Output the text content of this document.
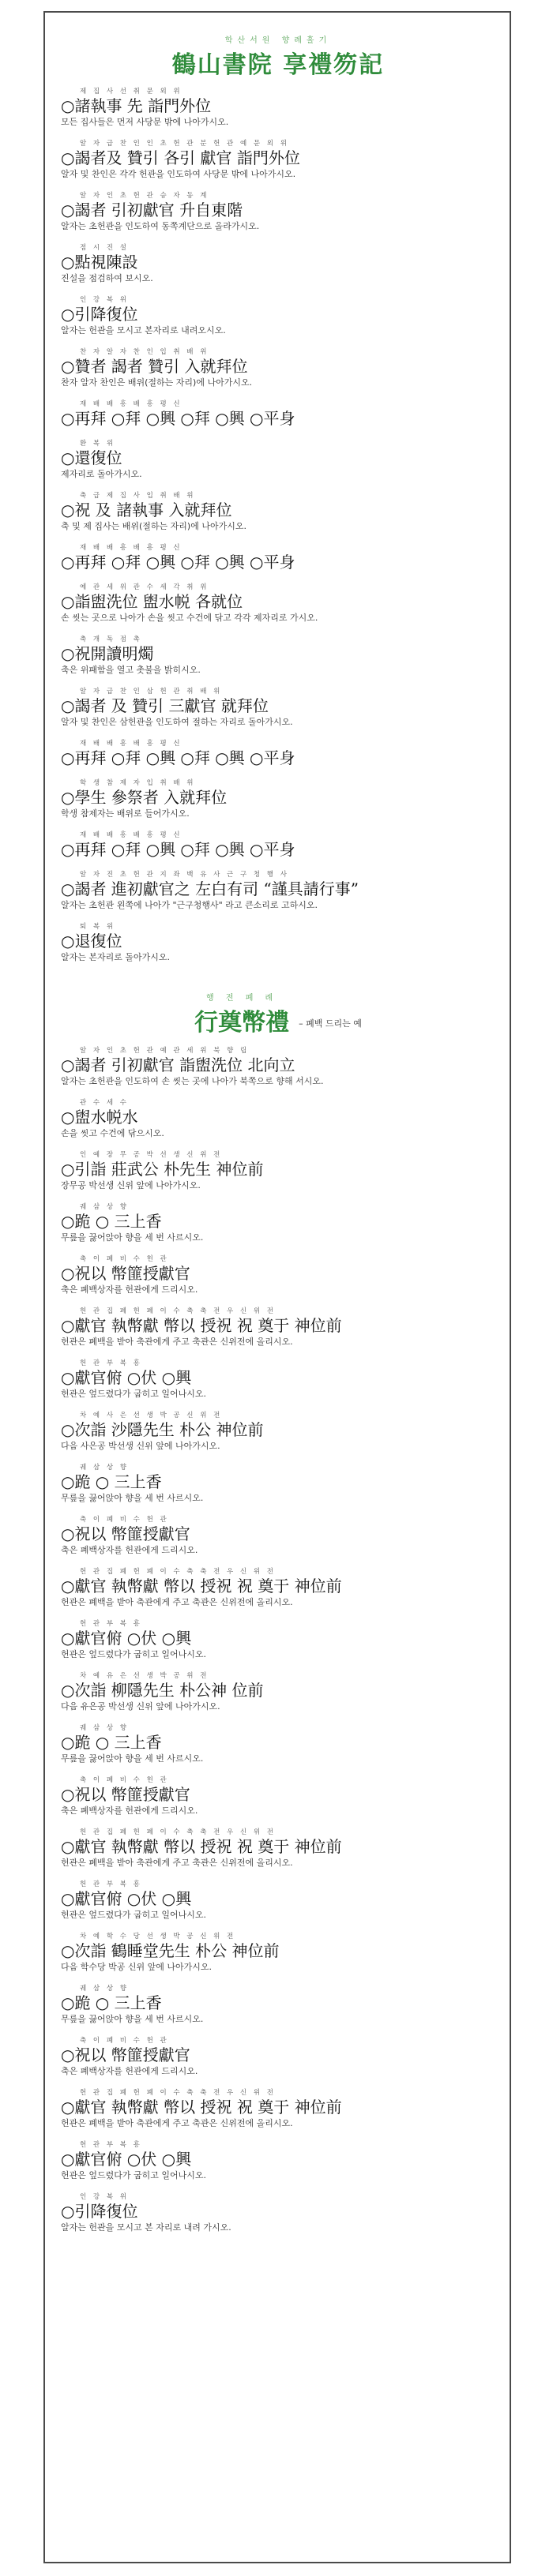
학산서원 향례홀기
鶴山書院 享禮笏記
제 집 사 선 취 문 외 위
○諸執事 先 詣門外位
모든 집사들은 먼저 사당문 밖에 나아가시오.
알 자 급 찬 인 인 초 헌 관 분 헌 관 예 문 외 위
○謁者及 贊引 各引 獻官 詣門外位
알자 및 찬인은 각각 헌관을 인도하여 사당문 밖에 나아가시오.
알 자 인 초 헌 관 승 자 동 계
○謁者 引初獻官 升自東階
알자는 초헌관을 인도하여 동쪽계단으로 올라가시오.
점 시 진 설
○點視陳設
진설을 점검하여 보시오.
인 강 복 위
○引降復位
알자는 헌관을 모시고 본자리로 내려오시오.
찬 자 알 자 찬 인 입 취 배 위
○贊者 謁者 贊引 入就拜位
찬자 알자 찬인은 배위(절하는 자리)에 나아가시오.
재 배 배 흥 배 흥 평 신
○再拜 ○拜 ○興 ○拜 ○興 ○平身
환 복 위
○還復位
제자리로 돌아가시오.
축 급 제 집 사 입 취 배 위
○祝 及 諸執事 入就拜位
축 및 제 집사는 배위(절하는 자리)에 나아가시오.
재 배 배 흥 배 흥 평 신
○再拜 ○拜 ○興 ○拜 ○興 ○平身
예 관 세 위 관 수 세 각 취 위
○詣盥洗位 盥水帨 各就位
손 씻는 곳으로 나아가 손을 씻고 수건에 닦고 각각 제자리로 가시오.
축 개 독 점 촉
○祝開讀明燭
축은 위패함을 열고 촛불을 밝히시오.
알 자 급 찬 인 삼 헌 관 취 배 위
○謁者 及 贊引 三獻官 就拜位
알자 및 찬인은 삼헌관을 인도하여 절하는 자리로 돌아가시오.
재 배 배 흥 배 흥 평 신
○再拜 ○拜 ○興 ○拜 ○興 ○平身
학 생 참 제 자 입 취 배 위
○學生 參祭者 入就拜位
학생 참제자는 배위로 들어가시오.
재 배 배 흥 배 흥 평 신
○再拜 ○拜 ○興 ○拜 ○興 ○平身
알 자 진 초 헌 관 지 좌 백 유 사 근 구 청 행 사
○謁者 進初獻官之 左白有司 “謹具請行事”
알자는 초헌관 왼쪽에 나아가 "근구청행사" 라고 큰소리로 고하시오.
퇴 복 위
○退復位
알자는 본자리로 돌아가시오.
행 전 폐 례
行奠幣禮 – 폐백 드리는 예
알 자 인 초 헌 관 예 관 세 위 북 향 립
○謁者 引初獻官 詣盥洗位 北向立
알자는 초헌관을 인도하여 손 씻는 곳에 나아가 북쪽으로 향해 서시오.
관 수 세 수
○盥水帨水
손을 씻고 수건에 닦으시오.
인 예 장 무 공 박 선 생 신 위 전
○引詣 莊武公 朴先生 神位前
장무공 박선생 신위 앞에 나아가시오.
궤 삼 상 향
○跪 ○ 三上香
무릎을 끓어앉아 향을 세 번 사르시오.
축 이 폐 비 수 헌 관
○祝以 幣篚授獻官
축은 폐백상자를 헌관에게 드리시오.
헌 관 집 폐 헌 폐 이 수 축 축 전 우 신 위 전
○獻官 執幣獻 幣以 授祝 祝 奠于 神位前
헌관은 폐백을 받아 축관에게 주고 축관은 신위전에 올리시오.
헌 관 부 복 흥
○獻官俯 ○伏 ○興
헌관은 엎드렸다가 굽히고 일어나시오.
차 예 사 은 선 생 박 공 신 위 전
○次詣 沙隱先生 朴公 神位前
다음 사은공 박선생 신위 앞에 나아가시오.
궤 삼 상 향
○跪 ○ 三上香
무릎을 끓어앉아 향을 세 번 사르시오.
축 이 폐 비 수 헌 관
○祝以 幣篚授獻官
축은 폐백상자를 헌관에게 드리시오.
헌 관 집 폐 헌 폐 이 수 축 축 전 우 신 위 전
○獻官 執幣獻 幣以 授祝 祝 奠于 神位前
헌관은 폐백을 받아 축관에게 주고 축관은 신위전에 올리시오.
헌 관 부 복 흥
○獻官俯 ○伏 ○興
헌관은 엎드렸다가 굽히고 일어나시오.
차 예 유 은 선 생 박 공 위 전
○次詣 柳隱先生 朴公神 位前
다음 유은공 박선생 신위 앞에 나아가시오.
궤 삼 상 향
○跪 ○ 三上香
무릎을 끓어앉아 향을 세 번 사르시오.
축 이 폐 비 수 헌 관
○祝以 幣篚授獻官
축은 폐백상자를 헌관에게 드리시오.
헌 관 집 폐 헌 폐 이 수 축 축 전 우 신 위 전
○獻官 執幣獻 幣以 授祝 祝 奠于 神位前
헌관은 폐백을 받아 축관에게 주고 축관은 신위전에 올리시오.
헌 관 부 복 흥
○獻官俯 ○伏 ○興
헌관은 엎드렸다가 굽히고 일어나시오.
차 예 학 수 당 선 생 박 공 신 위 전
○次詣 鶴睡堂先生 朴公 神位前
다음 학수당 박공 신위 앞에 나아가시오.
궤 삼 상 향
○跪 ○ 三上香
무릎을 끓어앉아 향을 세 번 사르시오.
축 이 폐 비 수 헌 관
○祝以 幣篚授獻官
축은 폐백상자를 헌관에게 드리시오.
헌 관 집 폐 헌 폐 이 수 축 축 전 우 신 위 전
○獻官 執幣獻 幣以 授祝 祝 奠于 神位前
헌관은 폐백을 받아 축관에게 주고 축관은 신위전에 올리시오.
헌 관 부 복 흥
○獻官俯 ○伏 ○興
헌관은 엎드렸다가 굽히고 일어나시오.
인 강 복 위
○引降復位
알자는 헌관을 모시고 본 자리로 내려 가시오.
